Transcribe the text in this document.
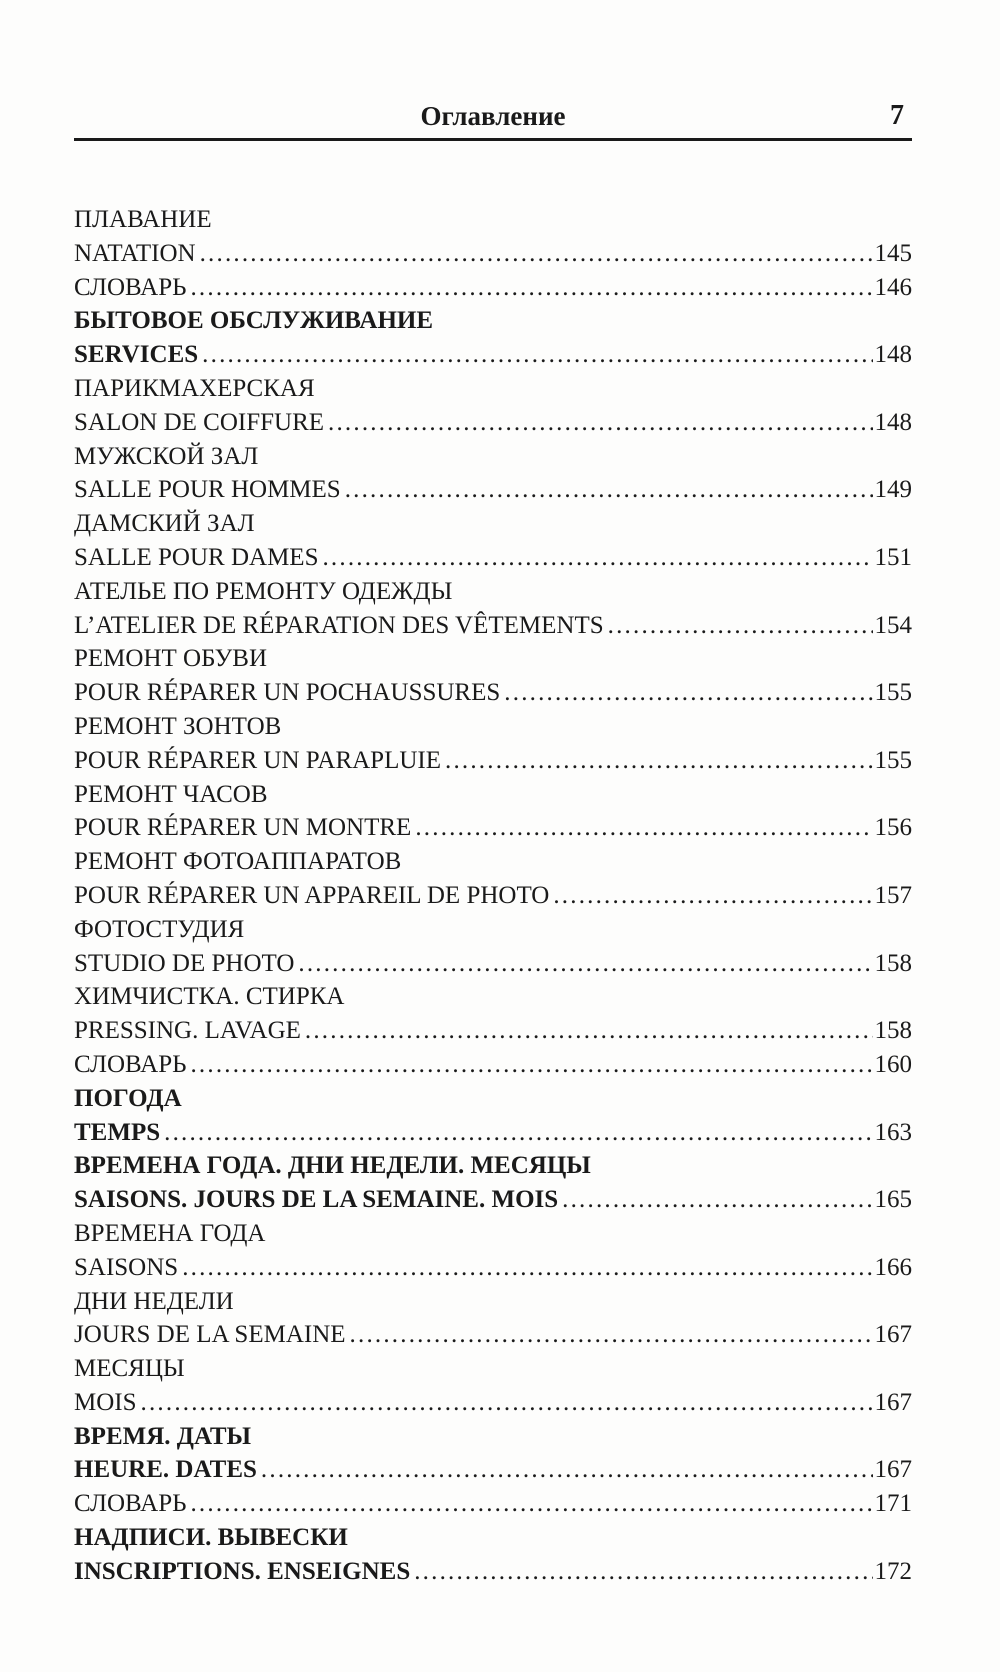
Оглавление	7
ПЛАВАНИЕ
NATATION .....	145
СЛОВАРЬ .....	146
БЫТОВОЕ ОБСЛУЖИВАНИЕ
SERVICES .....	148
ПАРИКМАХЕРСКАЯ
SALON DE COIFFURE .....	148
МУЖСКОЙ ЗАЛ
SALLE POUR HOMMES .....	149
ДАМСКИЙ ЗАЛ
SALLE POUR DAMES .....	151
АТЕЛЬЕ ПО РЕМОНТУ ОДЕЖДЫ
L’ATELIER DE RÉPARATION DES VÊTEMENTS .....	154
РЕМОНТ ОБУВИ
POUR RÉPARER UN POCHAUSSURES .....	155
РЕМОНТ ЗОНТОВ
POUR RÉPARER UN PARAPLUIE .....	155
РЕМОНТ ЧАСОВ
POUR RÉPARER UN MONTRE .....	156
РЕМОНТ ФОТОАППАРАТОВ
POUR RÉPARER UN APPAREIL DE PHOTO .....	157
ФОТОСТУДИЯ
STUDIO DE PHOTO .....	158
ХИМЧИСТКА. СТИРКА
PRESSING. LAVAGE .....	158
СЛОВАРЬ .....	160
ПОГОДА
TEMPS .....	163
ВРЕМЕНА ГОДА. ДНИ НЕДЕЛИ. МЕСЯЦЫ
SAISONS. JOURS DE LA SEMAINE. MOIS .....	165
ВРЕМЕНА ГОДА
SAISONS .....	166
ДНИ НЕДЕЛИ
JOURS DE LA SEMAINE .....	167
МЕСЯЦЫ
MOIS .....	167
ВРЕМЯ. ДАТЫ
HEURE. DATES .....	167
СЛОВАРЬ .....	171
НАДПИСИ. ВЫВЕСКИ
INSCRIPTIONS. ENSEIGNES .....	172
